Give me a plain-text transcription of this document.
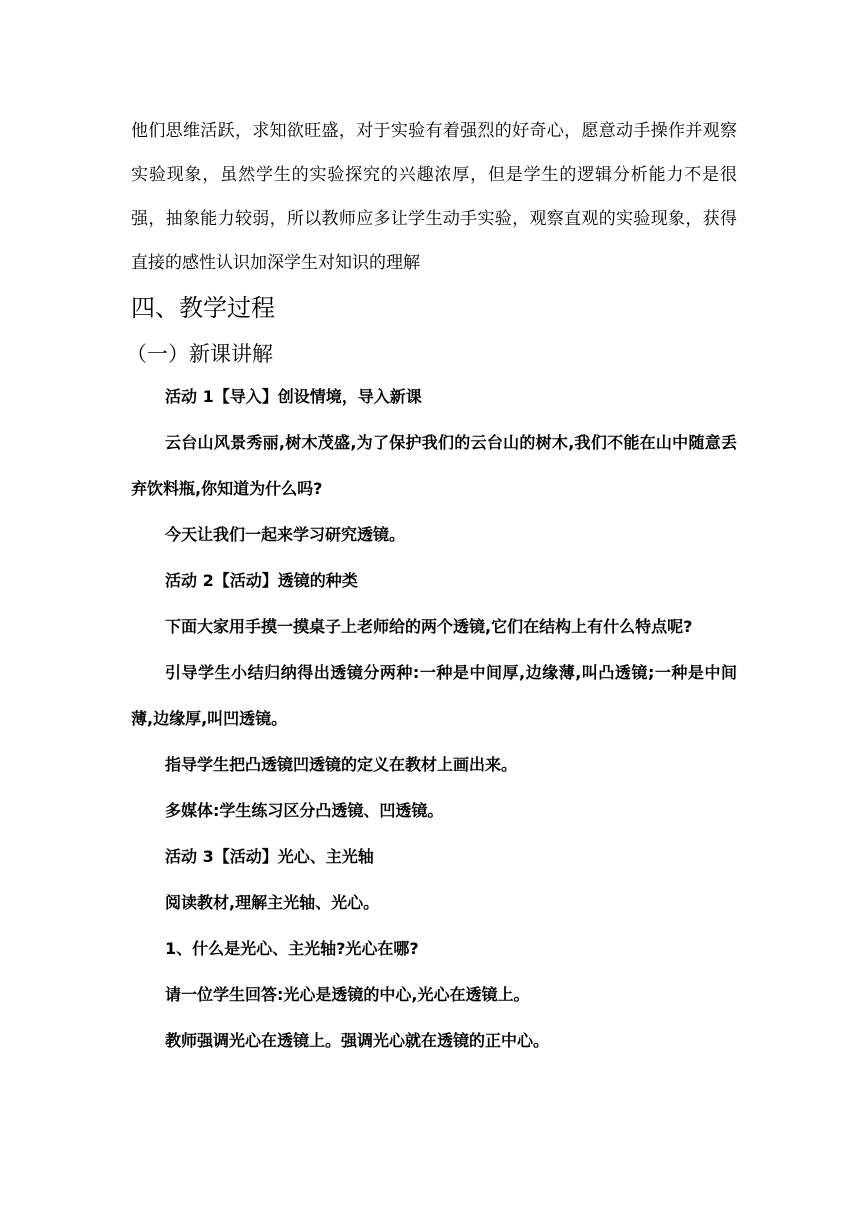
他们思维活跃，求知欲旺盛，对于实验有着强烈的好奇心，愿意动手操作并观察实验现象，虽然学生的实验探究的兴趣浓厚，但是学生的逻辑分析能力不是很强，抽象能力较弱，所以教师应多让学生动手实验，观察直观的实验现象，获得直接的感性认识加深学生对知识的理解

四、教学过程
（一）新课讲解

活动 1【导入】创设情境，导入新课

云台山风景秀丽,树木茂盛,为了保护我们的云台山的树木,我们不能在山中随意丢弃饮料瓶,你知道为什么吗?

今天让我们一起来学习研究透镜。

活动 2【活动】透镜的种类

下面大家用手摸一摸桌子上老师给的两个透镜,它们在结构上有什么特点呢?

引导学生小结归纳得出透镜分两种:一种是中间厚,边缘薄,叫凸透镜;一种是中间薄,边缘厚,叫凹透镜。

指导学生把凸透镜凹透镜的定义在教材上画出来。

多媒体:学生练习区分凸透镜、凹透镜。

活动 3【活动】光心、主光轴

阅读教材,理解主光轴、光心。

1、什么是光心、主光轴?光心在哪?

请一位学生回答:光心是透镜的中心,光心在透镜上。

教师强调光心在透镜上。强调光心就在透镜的正中心。
